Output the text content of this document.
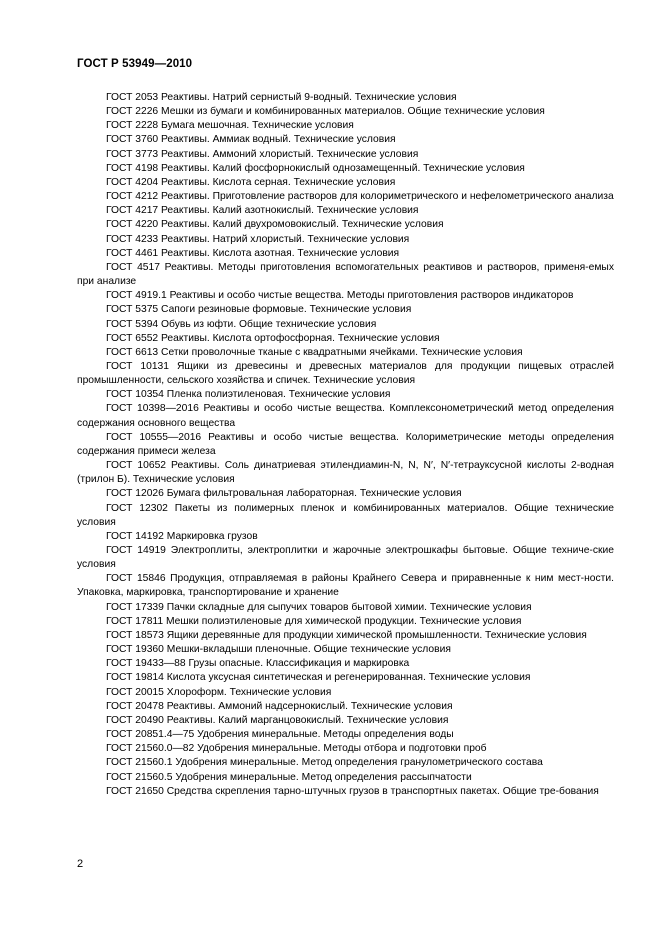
ГОСТ Р 53949—2010
ГОСТ 2053 Реактивы. Натрий сернистый 9-водный. Технические условия
ГОСТ 2226 Мешки из бумаги и комбинированных материалов. Общие технические условия
ГОСТ 2228 Бумага мешочная. Технические условия
ГОСТ 3760 Реактивы. Аммиак водный. Технические условия
ГОСТ 3773 Реактивы. Аммоний хлористый. Технические условия
ГОСТ 4198 Реактивы. Калий фосфорнокислый однозамещенный. Технические условия
ГОСТ 4204 Реактивы. Кислота серная. Технические условия
ГОСТ 4212 Реактивы. Приготовление растворов для колориметрического и нефелометрического анализа
ГОСТ 4217 Реактивы. Калий азотнокислый. Технические условия
ГОСТ 4220 Реактивы. Калий двухромовокислый. Технические условия
ГОСТ 4233 Реактивы. Натрий хлористый. Технические условия
ГОСТ 4461 Реактивы. Кислота азотная. Технические условия
ГОСТ 4517 Реактивы. Методы приготовления вспомогательных реактивов и растворов, применя-емых при анализе
ГОСТ 4919.1 Реактивы и особо чистые вещества. Методы приготовления растворов индикаторов
ГОСТ 5375 Сапоги резиновые формовые. Технические условия
ГОСТ 5394 Обувь из юфти. Общие технические условия
ГОСТ 6552 Реактивы. Кислота ортофосфорная. Технические условия
ГОСТ 6613 Сетки проволочные тканые с квадратными ячейками. Технические условия
ГОСТ 10131 Ящики из древесины и древесных материалов для продукции пищевых отраслей промышленности, сельского хозяйства и спичек. Технические условия
ГОСТ 10354 Пленка полиэтиленовая. Технические условия
ГОСТ 10398—2016 Реактивы и особо чистые вещества. Комплексонометрический метод определения содержания основного вещества
ГОСТ 10555—2016 Реактивы и особо чистые вещества. Колориметрические методы определения содержания примеси железа
ГОСТ 10652 Реактивы. Соль динатриевая этилендиамин-N, N, N′, N′-тетрауксусной кислоты 2-водная (трилон Б). Технические условия
ГОСТ 12026 Бумага фильтровальная лабораторная. Технические условия
ГОСТ 12302 Пакеты из полимерных пленок и комбинированных материалов. Общие технические условия
ГОСТ 14192 Маркировка грузов
ГОСТ 14919 Электроплиты, электроплитки и жарочные электрошкафы бытовые. Общие техниче-ские условия
ГОСТ 15846 Продукция, отправляемая в районы Крайнего Севера и приравненные к ним мест-ности. Упаковка, маркировка, транспортирование и хранение
ГОСТ 17339 Пачки складные для сыпучих товаров бытовой химии. Технические условия
ГОСТ 17811 Мешки полиэтиленовые для химической продукции. Технические условия
ГОСТ 18573 Ящики деревянные для продукции химической промышленности. Технические условия
ГОСТ 19360 Мешки-вкладыши пленочные. Общие технические условия
ГОСТ 19433—88 Грузы опасные. Классификация и маркировка
ГОСТ 19814 Кислота уксусная синтетическая и регенерированная. Технические условия
ГОСТ 20015 Хлороформ. Технические условия
ГОСТ 20478 Реактивы. Аммоний надсернокислый. Технические условия
ГОСТ 20490 Реактивы. Калий марганцовокислый. Технические условия
ГОСТ 20851.4—75 Удобрения минеральные. Методы определения воды
ГОСТ 21560.0—82 Удобрения минеральные. Методы отбора и подготовки проб
ГОСТ 21560.1 Удобрения минеральные. Метод определения гранулометрического состава
ГОСТ 21560.5 Удобрения минеральные. Метод определения рассыпчатости
ГОСТ 21650 Средства скрепления тарно-штучных грузов в транспортных пакетах. Общие тре-бования
2
